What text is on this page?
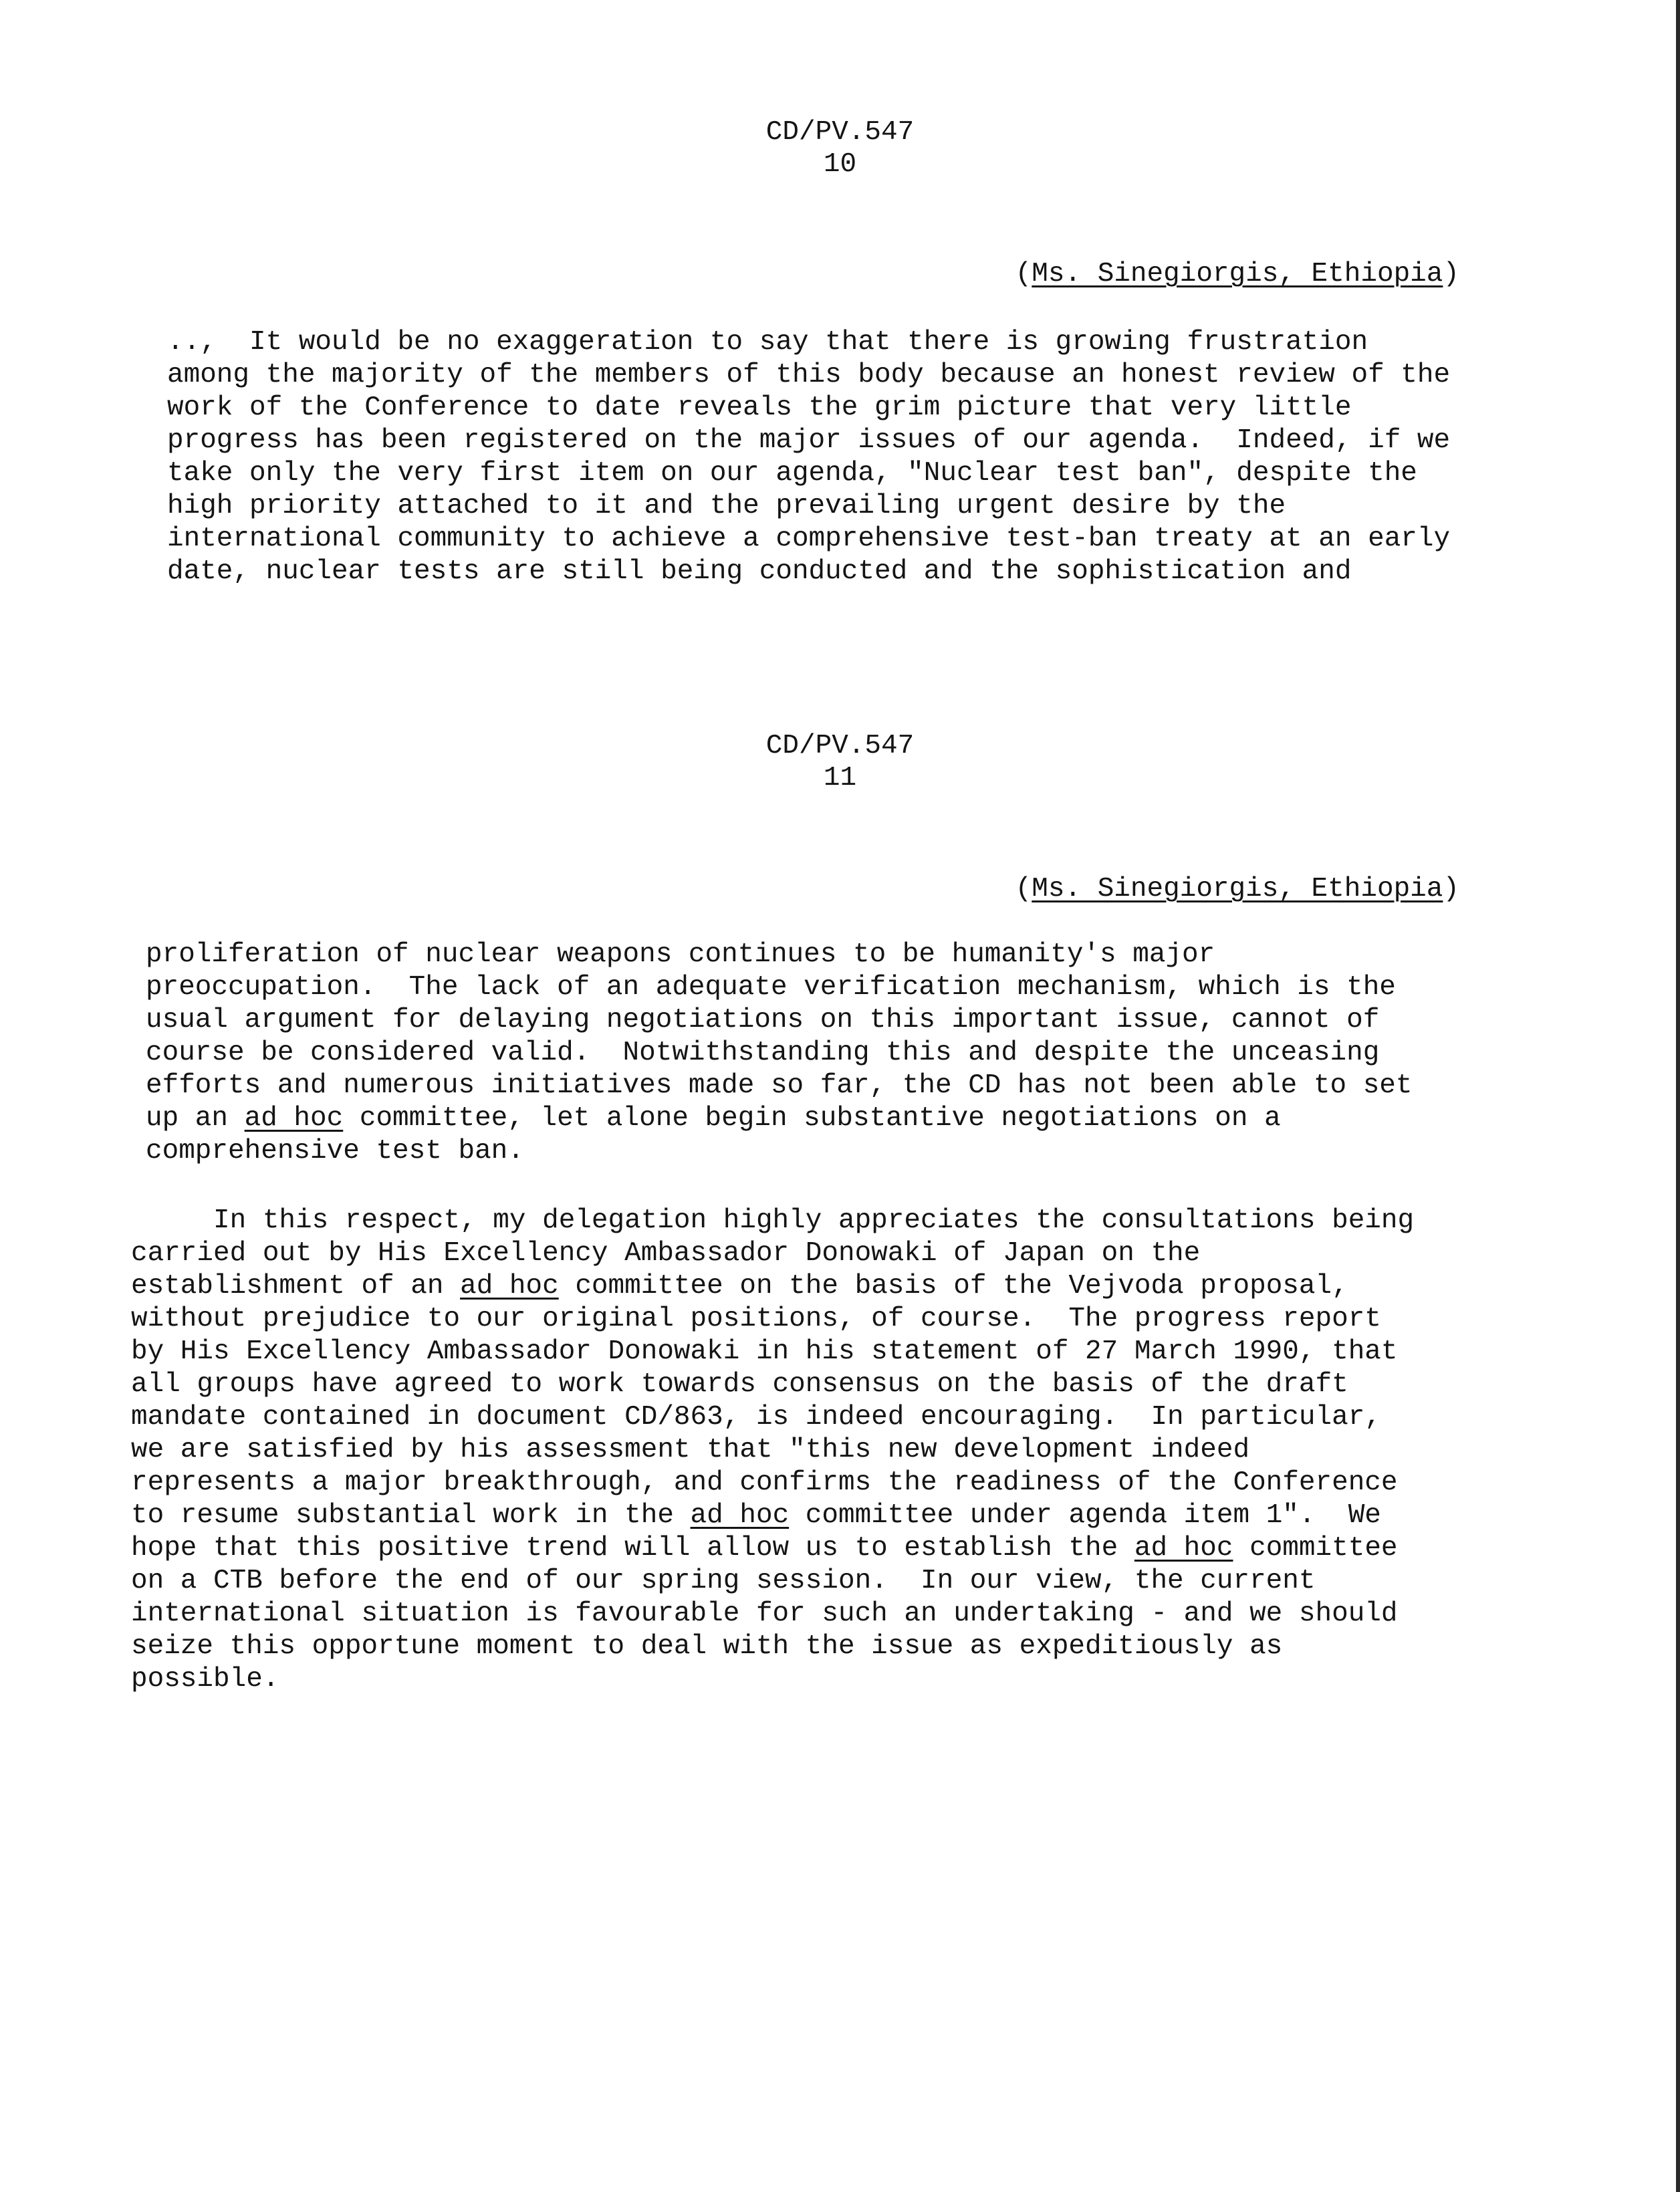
CD/PV.547
10
(Ms. Sinegiorgis, Ethiopia)
..,  It would be no exaggeration to say that there is growing frustration
among the majority of the members of this body because an honest review of the
work of the Conference to date reveals the grim picture that very little
progress has been registered on the major issues of our agenda.  Indeed, if we
take only the very first item on our agenda, "Nuclear test ban", despite the
high priority attached to it and the prevailing urgent desire by the
international community to achieve a comprehensive test-ban treaty at an early
date, nuclear tests are still being conducted and the sophistication and
CD/PV.547
11
(Ms. Sinegiorgis, Ethiopia)
proliferation of nuclear weapons continues to be humanity's major
preoccupation.  The lack of an adequate verification mechanism, which is the
usual argument for delaying negotiations on this important issue, cannot of
course be considered valid.  Notwithstanding this and despite the unceasing
efforts and numerous initiatives made so far, the CD has not been able to set
up an ad hoc committee, let alone begin substantive negotiations on a
comprehensive test ban.
In this respect, my delegation highly appreciates the consultations being
carried out by His Excellency Ambassador Donowaki of Japan on the
establishment of an ad hoc committee on the basis of the Vejvoda proposal,
without prejudice to our original positions, of course.  The progress report
by His Excellency Ambassador Donowaki in his statement of 27 March 1990, that
all groups have agreed to work towards consensus on the basis of the draft
mandate contained in document CD/863, is indeed encouraging.  In particular,
we are satisfied by his assessment that "this new development indeed
represents a major breakthrough, and confirms the readiness of the Conference
to resume substantial work in the ad hoc committee under agenda item 1".  We
hope that this positive trend will allow us to establish the ad hoc committee
on a CTB before the end of our spring session.  In our view, the current
international situation is favourable for such an undertaking - and we should
seize this opportune moment to deal with the issue as expeditiously as
possible.
